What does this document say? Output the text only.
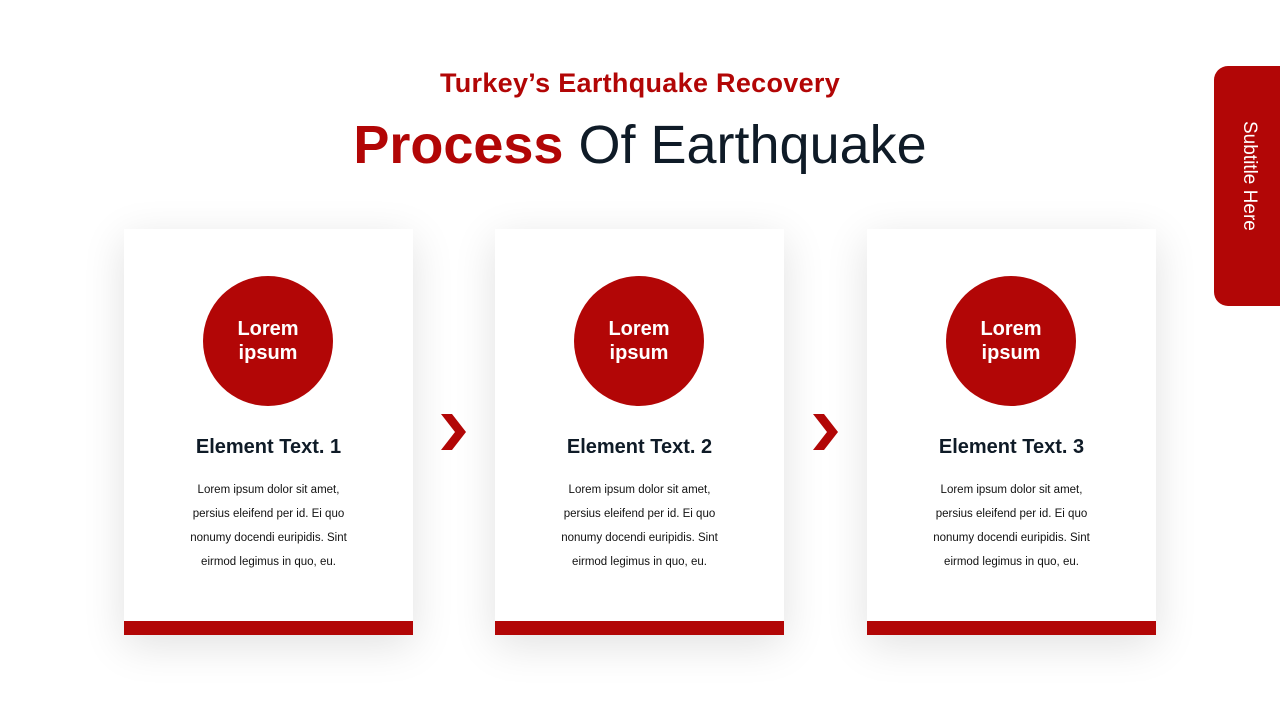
Turkey’s Earthquake Recovery
Process Of Earthquake	Subtitle Here
Lorem
ipsum
Element Text. 1
Lorem ipsum dolor sit amet,
persius eleifend per id. Ei quo
nonumy docendi euripidis. Sint
eirmod legimus in quo, eu.
Lorem
ipsum
Element Text. 2
Lorem ipsum dolor sit amet,
persius eleifend per id. Ei quo
nonumy docendi euripidis. Sint
eirmod legimus in quo, eu.
Lorem
ipsum
Element Text. 3
Lorem ipsum dolor sit amet,
persius eleifend per id. Ei quo
nonumy docendi euripidis. Sint
eirmod legimus in quo, eu.
